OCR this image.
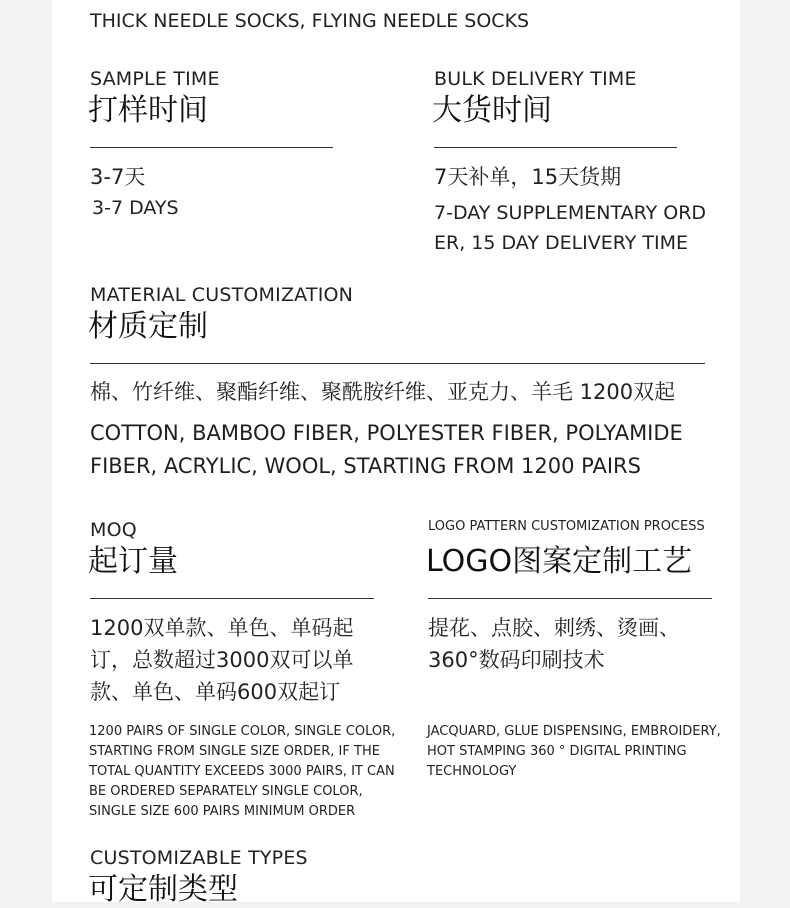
THICK NEEDLE SOCKS, FLYING NEEDLE SOCKS
SAMPLE TIME
打样时间
3-7天
3-7 DAYS
BULK DELIVERY TIME
大货时间
7天补单，15天货期
7-DAY SUPPLEMENTARY ORD
ER, 15 DAY DELIVERY TIME
MATERIAL CUSTOMIZATION
材质定制
棉、竹纤维、聚酯纤维、聚酰胺纤维、亚克力、羊毛 1200双起
COTTON, BAMBOO FIBER, POLYESTER FIBER, POLYAMIDE
FIBER, ACRYLIC, WOOL, STARTING FROM 1200 PAIRS
MOQ
起订量
1200双单款、单色、单码起
订，总数超过3000双可以单
款、单色、单码600双起订
1200 PAIRS OF SINGLE COLOR, SINGLE COLOR, STARTING FROM SINGLE SIZE ORDER, IF THE TOTAL QUANTITY EXCEEDS 3000 PAIRS, IT CAN BE ORDERED SEPARATELY SINGLE COLOR, SINGLE SIZE 600 PAIRS MINIMUM ORDER
LOGO PATTERN CUSTOMIZATION PROCESS
LOGO图案定制工艺
提花、点胶、刺绣、烫画、
360°数码印刷技术
JACQUARD, GLUE DISPENSING, EMBROIDERY, HOT STAMPING 360 ° DIGITAL PRINTING TECHNOLOGY
CUSTOMIZABLE TYPES
可定制类型
